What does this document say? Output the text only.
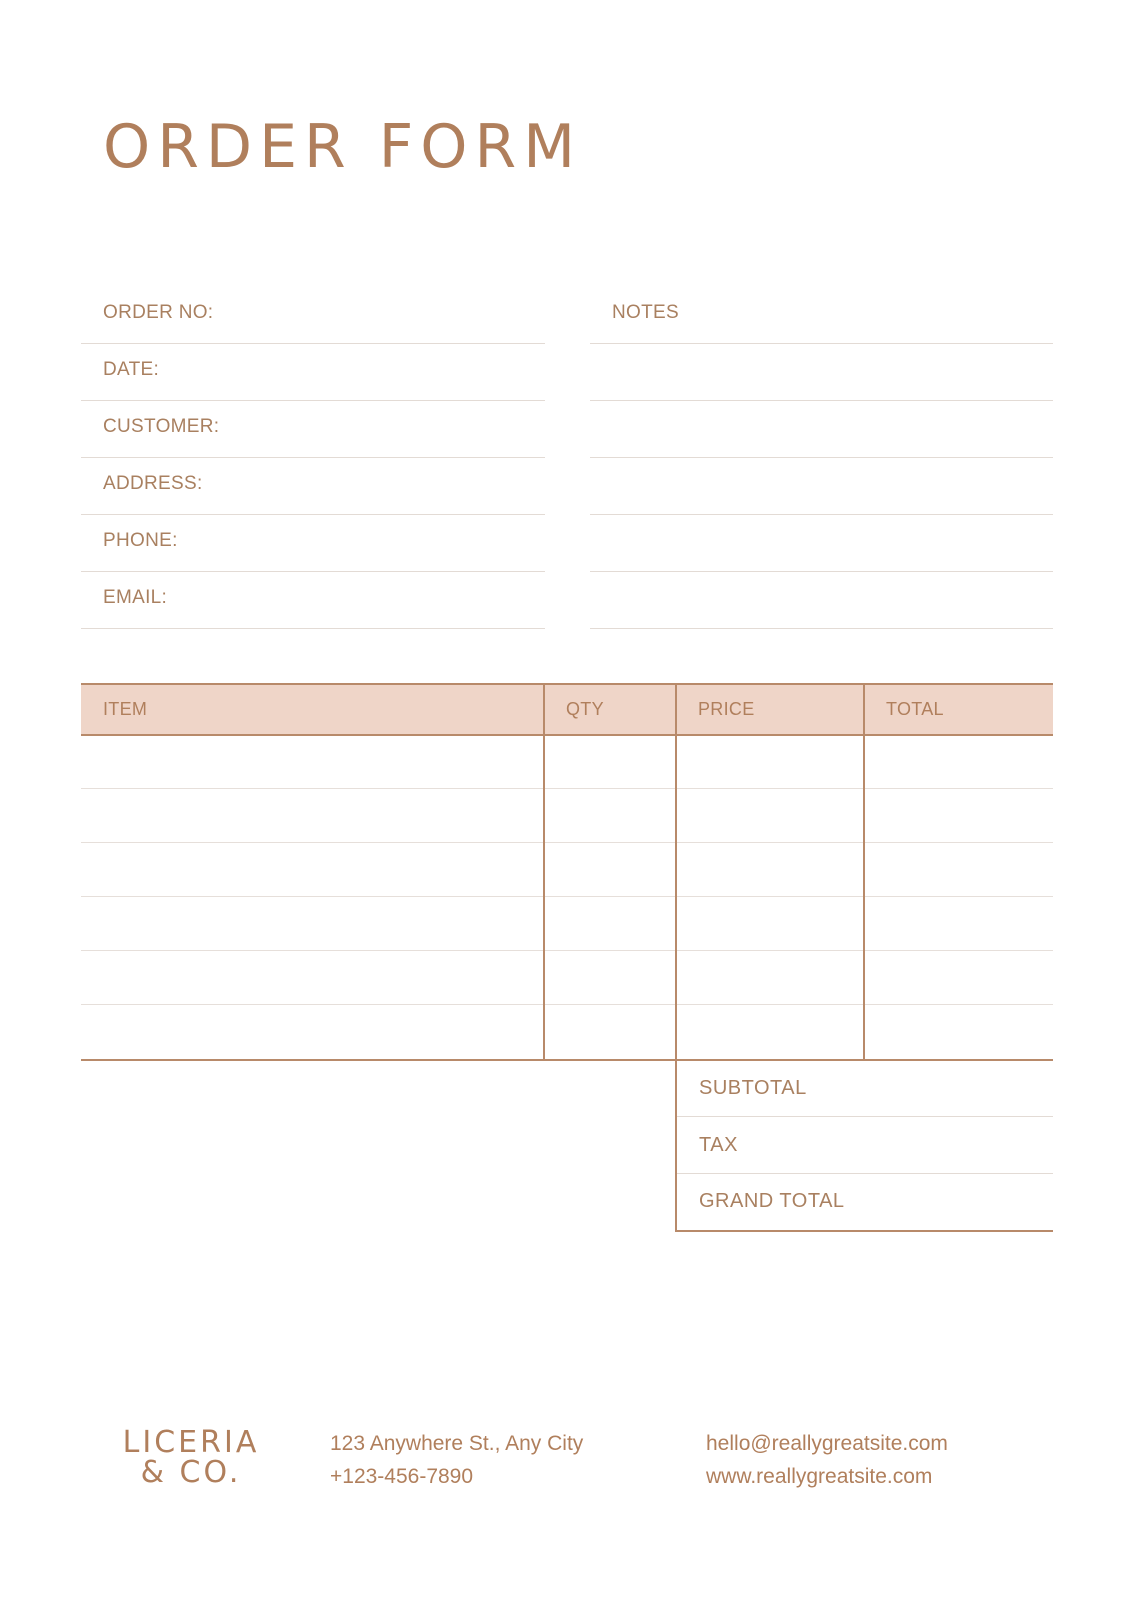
ORDER FORM
ORDER NO:
DATE:
CUSTOMER:
ADDRESS:
PHONE:
EMAIL:
NOTES
ITEM	QTY	PRICE	TOTAL
SUBTOTAL
TAX
GRAND TOTAL
LICERIA & CO.
123 Anywhere St., Any City
+123-456-7890
hello@reallygreatsite.com
www.reallygreatsite.com
